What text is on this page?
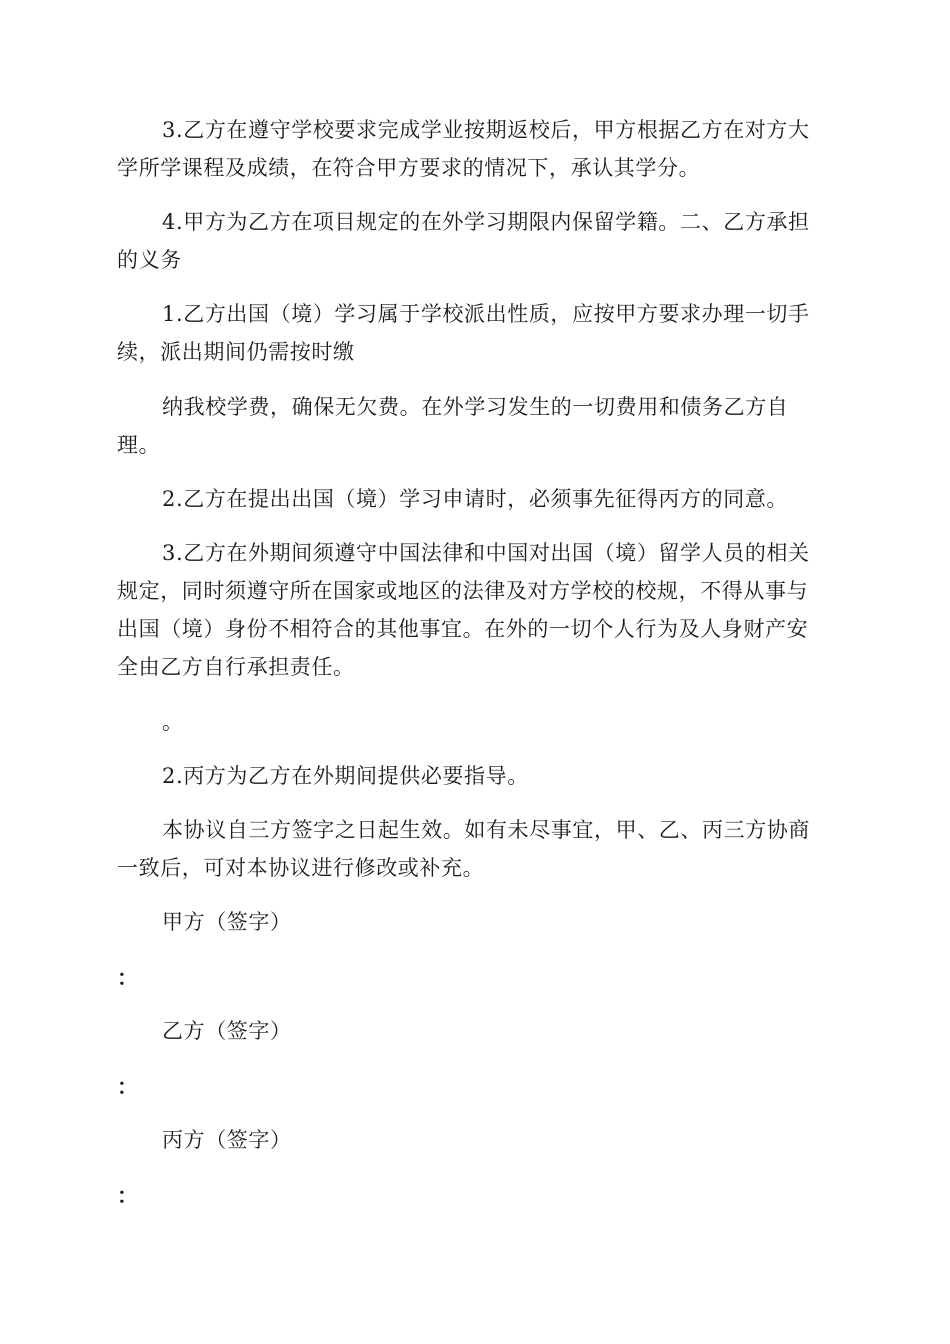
3.乙方在遵守学校要求完成学业按期返校后，甲方根据乙方在对方大
学所学课程及成绩，在符合甲方要求的情况下，承认其学分。
4.甲方为乙方在项目规定的在外学习期限内保留学籍。二、乙方承担
的义务
1.乙方出国（境）学习属于学校派出性质，应按甲方要求办理一切手
续，派出期间仍需按时缴
纳我校学费，确保无欠费。在外学习发生的一切费用和债务乙方自
理。
2.乙方在提出出国（境）学习申请时，必须事先征得丙方的同意。
3.乙方在外期间须遵守中国法律和中国对出国（境）留学人员的相关
规定，同时须遵守所在国家或地区的法律及对方学校的校规，不得从事与
出国（境）身份不相符合的其他事宜。在外的一切个人行为及人身财产安
全由乙方自行承担责任。
。
2.丙方为乙方在外期间提供必要指导。
本协议自三方签字之日起生效。如有未尽事宜，甲、乙、丙三方协商
一致后，可对本协议进行修改或补充。
甲方（签字）
：
乙方（签字）
：
丙方（签字）
：
